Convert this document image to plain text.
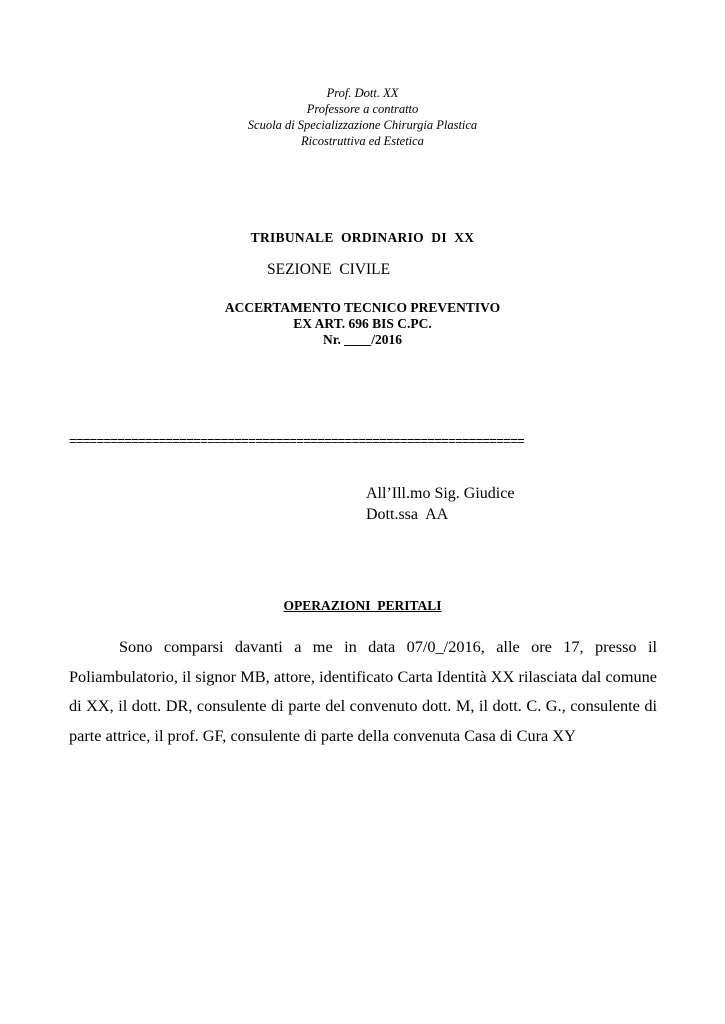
Prof. Dott. XX
Professore a contratto
Scuola di Specializzazione Chirurgia Plastica
Ricostruttiva ed Estetica
TRIBUNALE  ORDINARIO  DI  XX
SEZIONE  CIVILE
ACCERTAMENTO TECNICO PREVENTIVO
EX ART. 696 BIS C.PC.
Nr. ____/2016
==================================================================
All’Ill.mo Sig. Giudice
Dott.ssa  AA
OPERAZIONI  PERITALI

Sono comparsi davanti a me in data 07/0_/2016, alle ore 17, presso il Poliambulatorio, il signor MB, attore, identificato Carta Identità XX rilasciata dal comune di XX, il dott. DR, consulente di parte del convenuto dott. M, il dott. C. G., consulente di parte attrice, il prof. GF, consulente di parte della convenuta Casa di Cura XY
